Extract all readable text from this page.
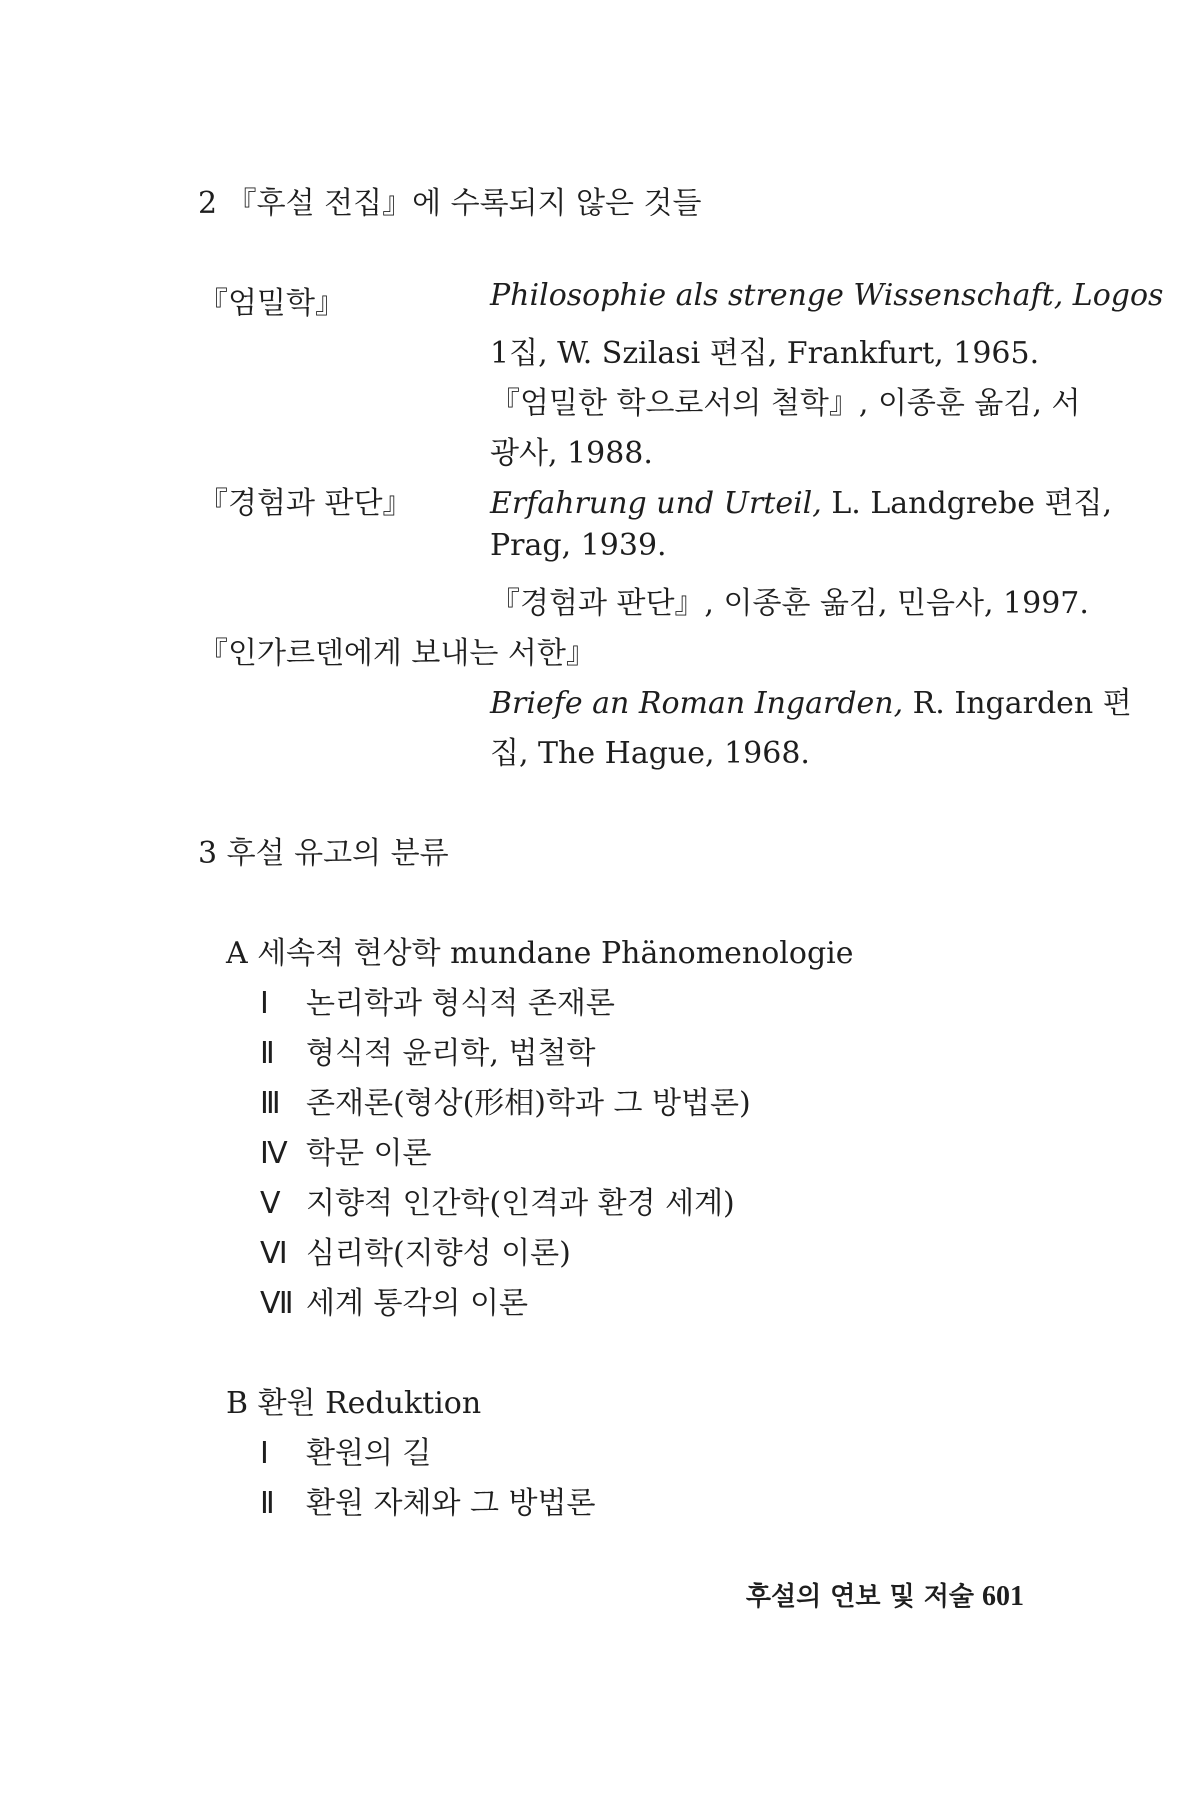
2 『후설 전집』에 수록되지 않은 것들
『엄밀학』	Philosophie als strenge Wissenschaft, Logos
1집, W. Szilasi 편집, Frankfurt, 1965.
『엄밀한 학으로서의 철학』, 이종훈 옮김, 서
광사, 1988.
『경험과 판단』	Erfahrung und Urteil, L. Landgrebe 편집,
Prag, 1939.
『경험과 판단』, 이종훈 옮김, 민음사, 1997.
『인가르덴에게 보내는 서한』
Briefe an Roman Ingarden, R. Ingarden 편
집, The Hague, 1968.
3 후설 유고의 분류
A 세속적 현상학 mundane Phänomenologie
Ⅰ 논리학과 형식적 존재론
Ⅱ 형식적 윤리학, 법철학
Ⅲ 존재론(형상(形相)학과 그 방법론)
Ⅳ 학문 이론
Ⅴ 지향적 인간학(인격과 환경 세계)
Ⅵ 심리학(지향성 이론)
Ⅶ 세계 통각의 이론
B 환원 Reduktion
Ⅰ 환원의 길
Ⅱ 환원 자체와 그 방법론
후설의 연보 및 저술 601
